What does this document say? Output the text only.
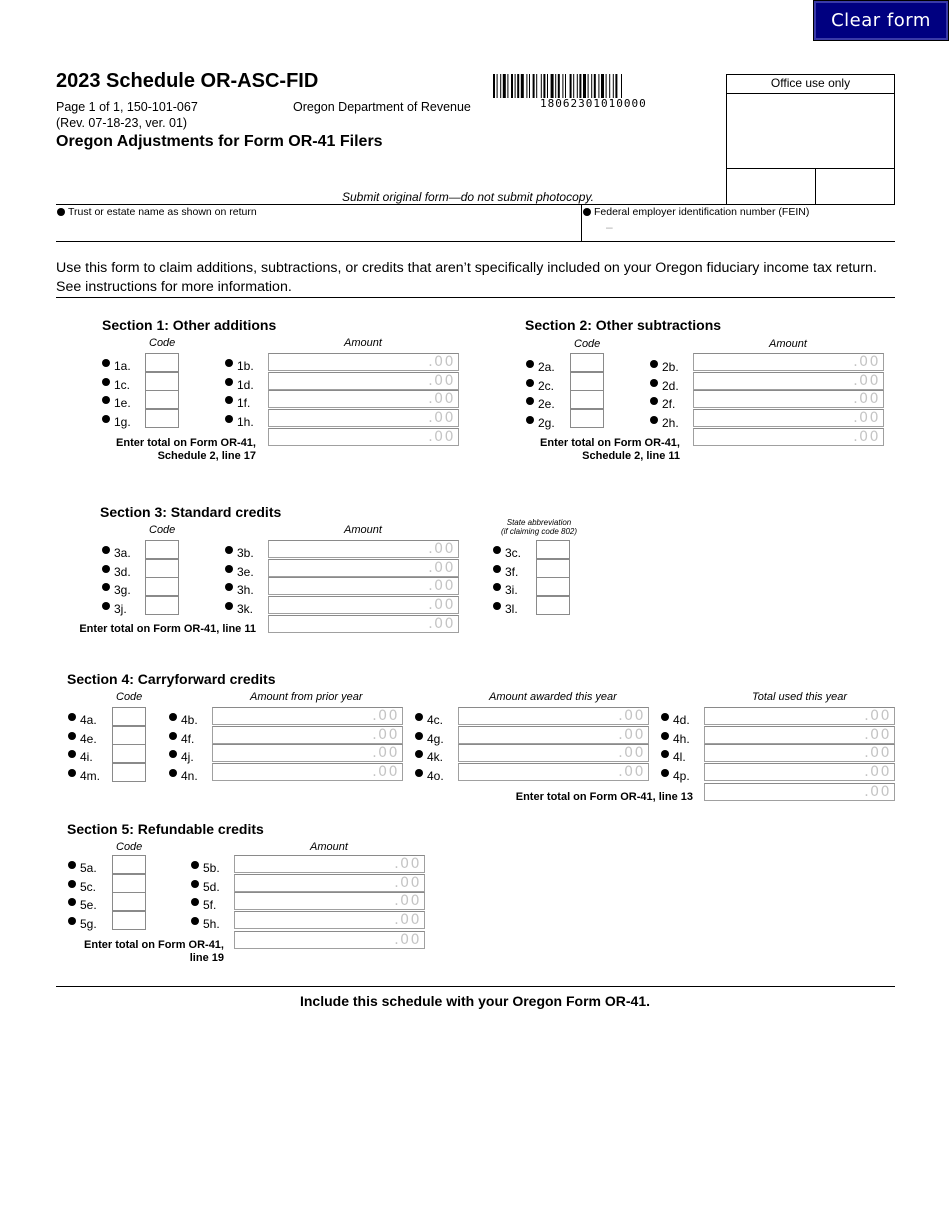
Clear form
2023 Schedule OR-ASC-FID
Page 1 of 1, 150-101-067
(Rev. 07-18-23, ver. 01)
Oregon Department of Revenue
Oregon Adjustments for Form OR-41 Filers
18062301010000
Office use only
Submit original form—do not submit photocopy.
Trust or estate name as shown on return	Federal employer identification number (FEIN)
–
Use this form to claim additions, subtractions, or credits that aren’t specifically included on your Oregon fiduciary income tax return. See instructions for more information.
Section 1: Other additions
Code	Amount
1a.	1b.	.00
1c.	1d.	.00
1e.	1f.	.00
1g.	1h.	.00
.00
Enter total on Form OR-41,
Schedule 2, line 17
Section 2: Other subtractions
Code	Amount
2a.	2b.	.00
2c.	2d.	.00
2e.	2f.	.00
2g.	2h.	.00
.00
Enter total on Form OR-41,
Schedule 2, line 11
Section 3: Standard credits
Code	Amount
State abbreviation
(if claiming code 802)
3a.	3b.	.00	3c.
3d.	3e.	.00	3f.
3g.	3h.	.00	3i.
3j.	3k.	.00	3l.
.00
Enter total on Form OR-41, line 11
Section 4: Carryforward credits
Code	Amount from prior year	Amount awarded this year	Total used this year
4a.	4b.	.00	4c.	.00	4d.	.00
4e.	4f.	.00	4g.	.00	4h.	.00
4i.	4j.	.00	4k.	.00	4l.	.00
4m.	4n.	.00	4o.	.00	4p.	.00
.00
Enter total on Form OR-41, line 13
Section 5: Refundable credits
Code	Amount
5a.	5b.	.00
5c.	5d.	.00
5e.	5f.	.00
5g.	5h.	.00
.00
Enter total on Form OR-41,
line 19
Include this schedule with your Oregon Form OR-41.
